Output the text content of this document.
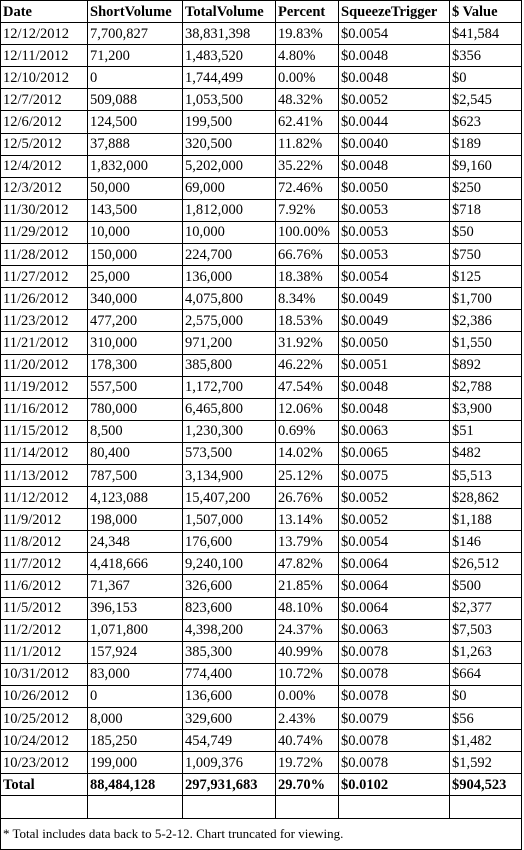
Date	ShortVolume	TotalVolume	Percent	SqueezeTrigger	$ Value
12/12/2012	7,700,827	38,831,398	19.83%	$0.0054	$41,584
12/11/2012	71,200	1,483,520	4.80%	$0.0048	$356
12/10/2012	0	1,744,499	0.00%	$0.0048	$0
12/7/2012	509,088	1,053,500	48.32%	$0.0052	$2,545
12/6/2012	124,500	199,500	62.41%	$0.0044	$623
12/5/2012	37,888	320,500	11.82%	$0.0040	$189
12/4/2012	1,832,000	5,202,000	35.22%	$0.0048	$9,160
12/3/2012	50,000	69,000	72.46%	$0.0050	$250
11/30/2012	143,500	1,812,000	7.92%	$0.0053	$718
11/29/2012	10,000	10,000	100.00%	$0.0053	$50
11/28/2012	150,000	224,700	66.76%	$0.0053	$750
11/27/2012	25,000	136,000	18.38%	$0.0054	$125
11/26/2012	340,000	4,075,800	8.34%	$0.0049	$1,700
11/23/2012	477,200	2,575,000	18.53%	$0.0049	$2,386
11/21/2012	310,000	971,200	31.92%	$0.0050	$1,550
11/20/2012	178,300	385,800	46.22%	$0.0051	$892
11/19/2012	557,500	1,172,700	47.54%	$0.0048	$2,788
11/16/2012	780,000	6,465,800	12.06%	$0.0048	$3,900
11/15/2012	8,500	1,230,300	0.69%	$0.0063	$51
11/14/2012	80,400	573,500	14.02%	$0.0065	$482
11/13/2012	787,500	3,134,900	25.12%	$0.0075	$5,513
11/12/2012	4,123,088	15,407,200	26.76%	$0.0052	$28,862
11/9/2012	198,000	1,507,000	13.14%	$0.0052	$1,188
11/8/2012	24,348	176,600	13.79%	$0.0054	$146
11/7/2012	4,418,666	9,240,100	47.82%	$0.0064	$26,512
11/6/2012	71,367	326,600	21.85%	$0.0064	$500
11/5/2012	396,153	823,600	48.10%	$0.0064	$2,377
11/2/2012	1,071,800	4,398,200	24.37%	$0.0063	$7,503
11/1/2012	157,924	385,300	40.99%	$0.0078	$1,263
10/31/2012	83,000	774,400	10.72%	$0.0078	$664
10/26/2012	0	136,600	0.00%	$0.0078	$0
10/25/2012	8,000	329,600	2.43%	$0.0079	$56
10/24/2012	185,250	454,749	40.74%	$0.0078	$1,482
10/23/2012	199,000	1,009,376	19.72%	$0.0078	$1,592
Total	88,484,128	297,931,683	29.70%	$0.0102	$904,523

* Total includes data back to 5-2-12. Chart truncated for viewing.					
